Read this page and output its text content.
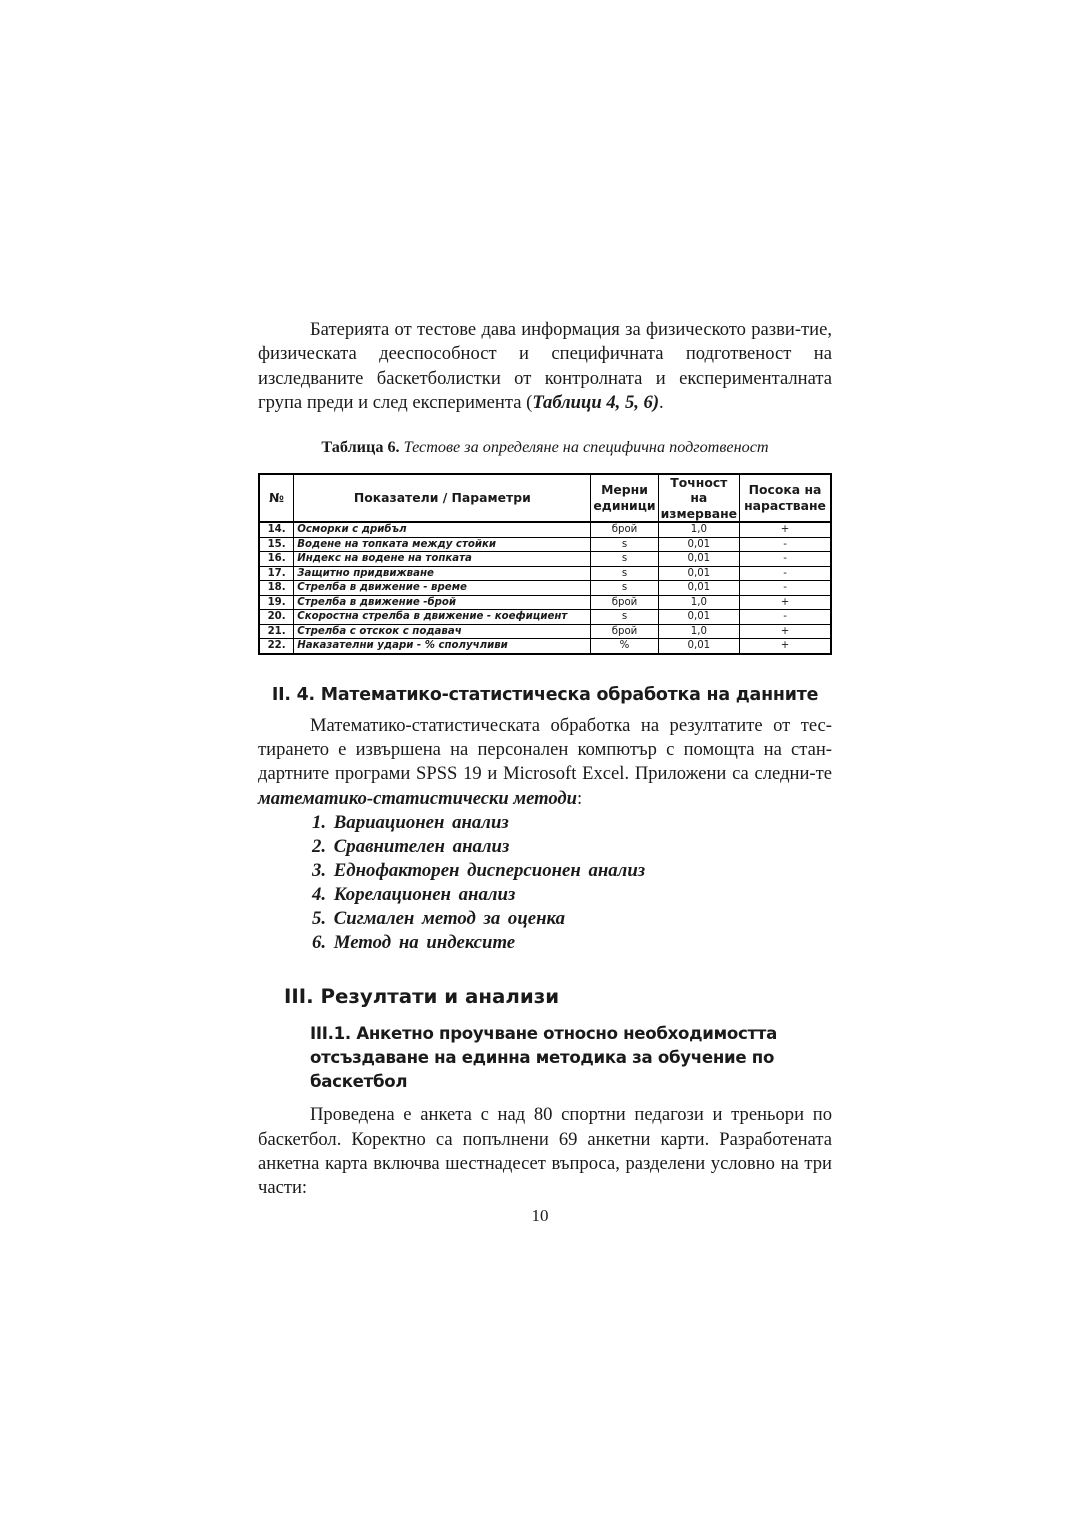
Батерията от тестове дава информация за физическото разви-тие, физическата дееспособност и специфичната подготвеност на изследваните баскетболистки от контролната и експерименталната група преди и след експеримента (Таблици 4, 5, 6).

Таблица 6. Тестове за определяне на специфична подготвеност
№	Показатели / Параметри	Мерни единици	Точност на измерване	Посока на нарастване
14.	Осморки с дрибъл	брой	1,0	+
15.	Водене на топката между стойки	s	0,01	-
16.	Индекс на водене на топката	s	0,01	-
17.	Защитно придвижване	s	0,01	-
18.	Стрелба в движение - време	s	0,01	-
19.	Стрелба в движение -брой	брой	1,0	+
20.	Скоростна стрелба в движение - коефициент	s	0,01	-
21.	Стрелба с отскок с подавач	брой	1,0	+
22.	Наказателни удари - % сполучливи	%	0,01	+
II. 4. Математико-статистическа обработка на данните

Математико-статистическата обработка на резултатите от тес-тирането е извършена на персонален компютър с помощта на стан-дартните програми SPSS 19 и Microsoft Excel. Приложени са следни-те математико-статистически методи:

1. Вариационен анализ
2. Сравнителен анализ
3. Еднофакторен дисперсионен анализ
4. Корелационен анализ
5. Сигмален метод за оценка
6. Метод на индексите
III. Резултати и анализи
III.1. Анкетно проучване относно необходимостта
отсъздаване на единна методика за обучение по баскетбол

Проведена е анкета с над 80 спортни педагози и треньори по баскетбол. Коректно са попълнени 69 анкетни карти. Разработената анкетна карта включва шестнадесет въпроса, разделени условно на три части:

10
